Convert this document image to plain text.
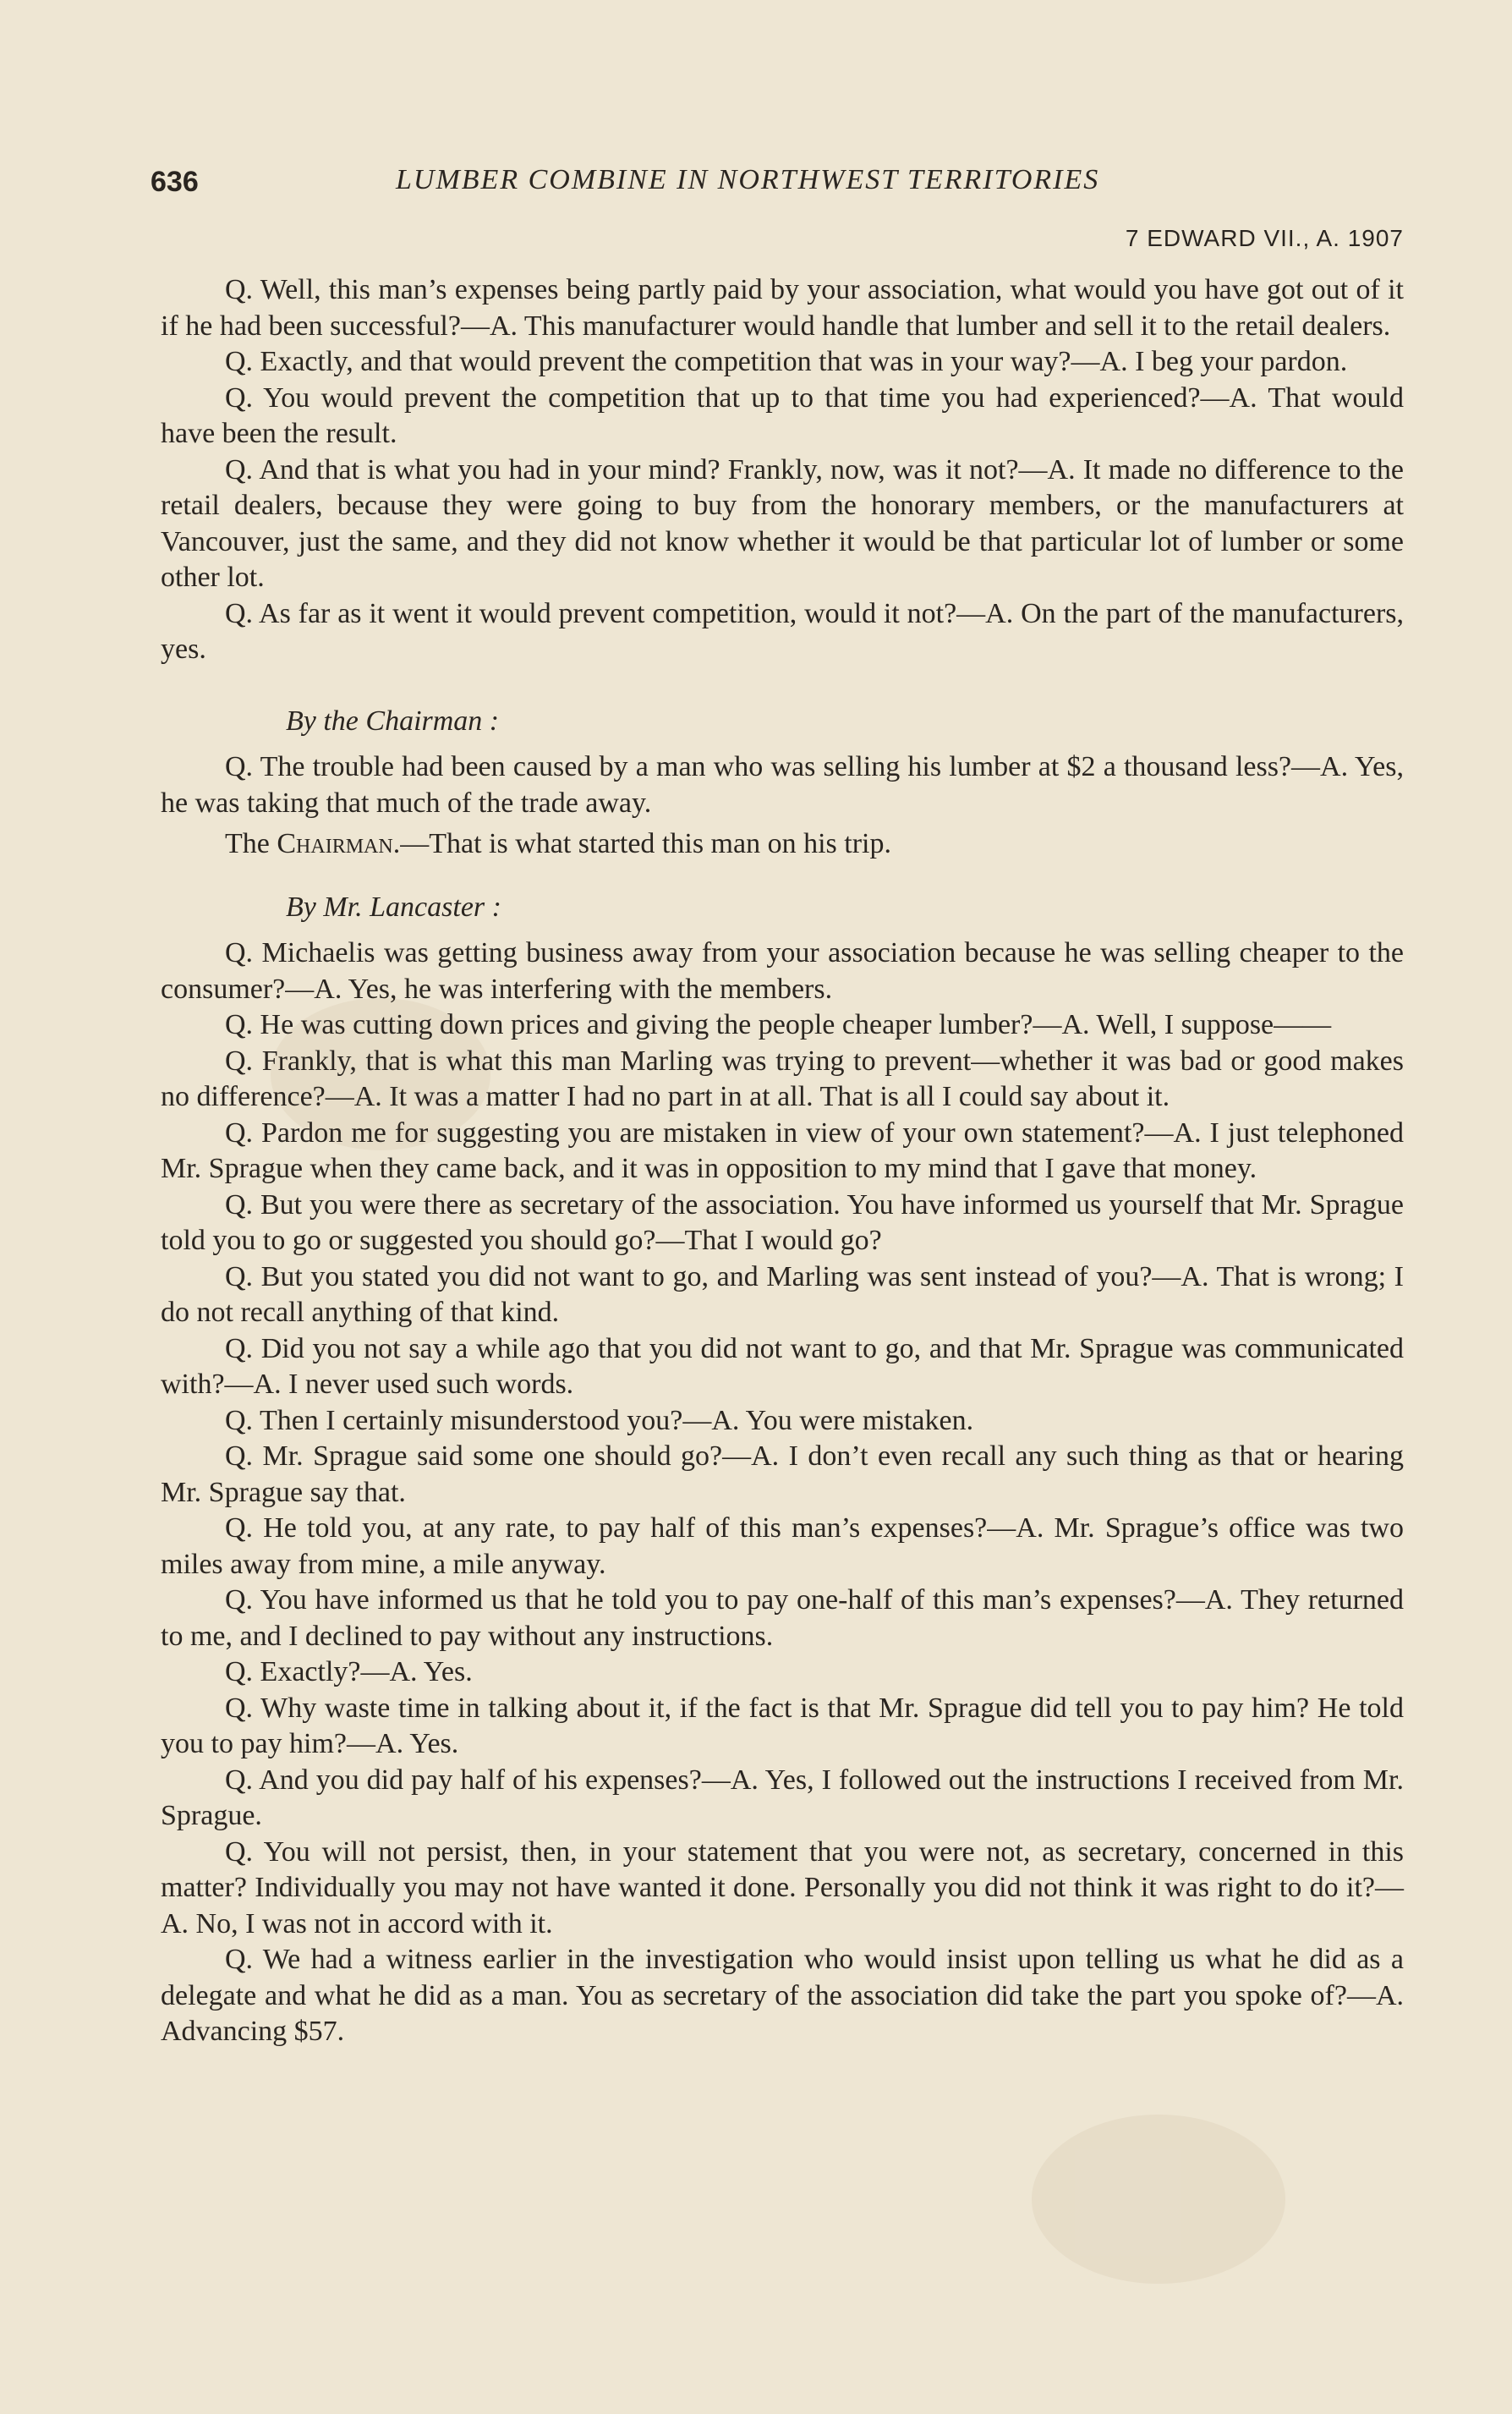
636	LUMBER COMBINE IN NORTHWEST TERRITORIES
7 EDWARD VII., A. 1907

Q. Well, this man’s expenses being partly paid by your association, what would you have got out of it if he had been successful?—A. This manufacturer would handle that lumber and sell it to the retail dealers.

Q. Exactly, and that would prevent the competition that was in your way?—A. I beg your pardon.

Q. You would prevent the competition that up to that time you had experienced?—A. That would have been the result.

Q. And that is what you had in your mind? Frankly, now, was it not?—A. It made no difference to the retail dealers, because they were going to buy from the honorary members, or the manufacturers at Vancouver, just the same, and they did not know whether it would be that particular lot of lumber or some other lot.

Q. As far as it went it would prevent competition, would it not?—A. On the part of the manufacturers, yes.

By the Chairman :

Q. The trouble had been caused by a man who was selling his lumber at $2 a thousand less?—A. Yes, he was taking that much of the trade away.

The Chairman.—That is what started this man on his trip.

By Mr. Lancaster :

Q. Michaelis was getting business away from your association because he was selling cheaper to the consumer?—A. Yes, he was interfering with the members.

Q. He was cutting down prices and giving the people cheaper lumber?—A. Well, I suppose——

Q. Frankly, that is what this man Marling was trying to prevent—whether it was bad or good makes no difference?—A. It was a matter I had no part in at all. That is all I could say about it.

Q. Pardon me for suggesting you are mistaken in view of your own statement?—A. I just telephoned Mr. Sprague when they came back, and it was in opposition to my mind that I gave that money.

Q. But you were there as secretary of the association. You have informed us yourself that Mr. Sprague told you to go or suggested you should go?—That I would go?

Q. But you stated you did not want to go, and Marling was sent instead of you?—A. That is wrong; I do not recall anything of that kind.

Q. Did you not say a while ago that you did not want to go, and that Mr. Sprague was communicated with?—A. I never used such words.

Q. Then I certainly misunderstood you?—A. You were mistaken.

Q. Mr. Sprague said some one should go?—A. I don’t even recall any such thing as that or hearing Mr. Sprague say that.

Q. He told you, at any rate, to pay half of this man’s expenses?—A. Mr. Sprague’s office was two miles away from mine, a mile anyway.

Q. You have informed us that he told you to pay one-half of this man’s expenses?—A. They returned to me, and I declined to pay without any instructions.

Q. Exactly?—A. Yes.

Q. Why waste time in talking about it, if the fact is that Mr. Sprague did tell you to pay him? He told you to pay him?—A. Yes.

Q. And you did pay half of his expenses?—A. Yes, I followed out the instructions I received from Mr. Sprague.

Q. You will not persist, then, in your statement that you were not, as secretary, concerned in this matter? Individually you may not have wanted it done. Personally you did not think it was right to do it?—A. No, I was not in accord with it.

Q. We had a witness earlier in the investigation who would insist upon telling us what he did as a delegate and what he did as a man. You as secretary of the association did take the part you spoke of?—A. Advancing $57.
